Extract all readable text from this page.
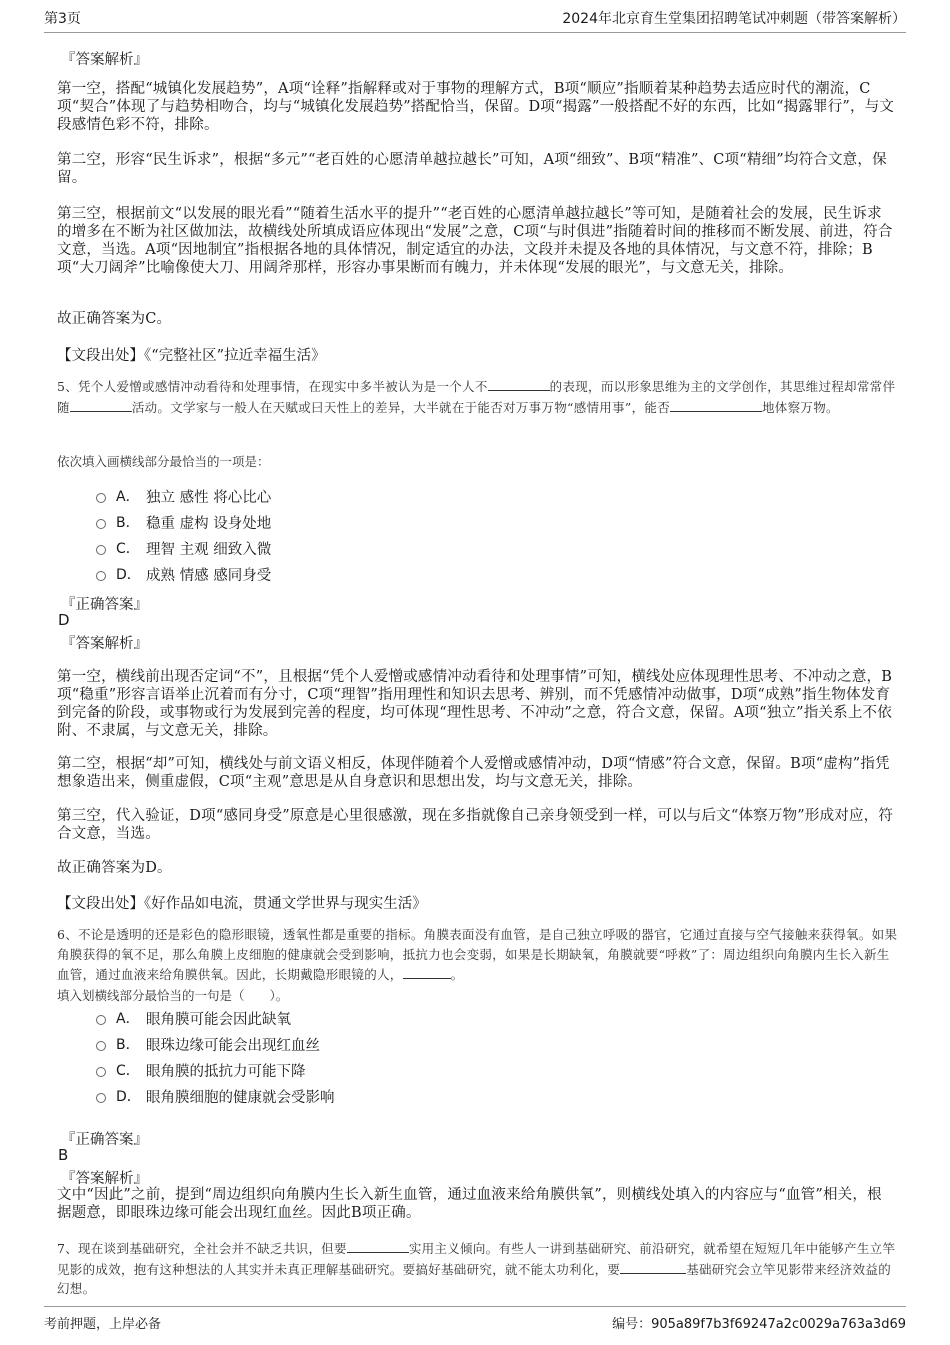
第3页	2024年北京育生堂集团招聘笔试冲刺题（带答案解析）
『答案解析』
第一空，搭配“城镇化发展趋势”，A项“诠释”指解释或对于事物的理解方式，B项“顺应”指顺着某种趋势去适应时代的潮流，C项“契合”体现了与趋势相吻合，均与“城镇化发展趋势”搭配恰当，保留。D项“揭露”一般搭配不好的东西，比如“揭露罪行”，与文段感情色彩不符，排除。
第二空，形容“民生诉求”，根据“多元”“老百姓的心愿清单越拉越长”可知，A项“细致”、B项“精准”、C项“精细”均符合文意，保留。
第三空，根据前文“以发展的眼光看”“随着生活水平的提升”“老百姓的心愿清单越拉越长”等可知，是随着社会的发展，民生诉求的增多在不断为社区做加法，故横线处所填成语应体现出“发展”之意，C项“与时俱进”指随着时间的推移而不断发展、前进，符合文意，当选。A项“因地制宜”指根据各地的具体情况，制定适宜的办法，文段并未提及各地的具体情况，与文意不符，排除；B项“大刀阔斧”比喻像使大刀、用阔斧那样，形容办事果断而有魄力，并未体现“发展的眼光”，与文意无关，排除。
故正确答案为C。
【文段出处】《“完整社区”拉近幸福生活》
5、凭个人爱憎或感情冲动看待和处理事情，在现实中多半被认为是一个人不	的表现，而以形象思维为主的文学创作，其思维过程却常常伴随	活动。文学家与一般人在天赋或曰天性上的差异，大半就在于能否对万事万物“感情用事”，能否	地体察万物。
依次填入画横线部分最恰当的一项是：
A． 独立 感性 将心比心
B． 稳重 虚构 设身处地
C． 理智 主观 细致入微
D． 成熟 情感 感同身受
『正确答案』
D
『答案解析』
第一空，横线前出现否定词“不”，且根据“凭个人爱憎或感情冲动看待和处理事情”可知，横线处应体现理性思考、不冲动之意，B项“稳重”形容言语举止沉着而有分寸，C项“理智”指用理性和知识去思考、辨别，而不凭感情冲动做事，D项“成熟”指生物体发育到完备的阶段，或事物或行为发展到完善的程度，均可体现“理性思考、不冲动”之意，符合文意，保留。A项“独立”指关系上不依附、不隶属，与文意无关，排除。
第二空，根据“却”可知，横线处与前文语义相反，体现伴随着个人爱憎或感情冲动，D项“情感”符合文意，保留。B项“虚构”指凭想象造出来，侧重虚假，C项“主观”意思是从自身意识和思想出发，均与文意无关，排除。
第三空，代入验证，D项“感同身受”原意是心里很感激，现在多指就像自己亲身领受到一样，可以与后文“体察万物”形成对应，符合文意，当选。
故正确答案为D。
【文段出处】《好作品如电流，贯通文学世界与现实生活》
6、不论是透明的还是彩色的隐形眼镜，透氧性都是重要的指标。角膜表面没有血管，是自己独立呼吸的器官，它通过直接与空气接触来获得氧。如果角膜获得的氧不足，那么角膜上皮细胞的健康就会受到影响，抵抗力也会变弱，如果是长期缺氧，角膜就要“呼救”了：周边组织向角膜内生长入新生血管，通过血液来给角膜供氧。因此，长期戴隐形眼镜的人，	。
填入划横线部分最恰当的一句是（　　）。
A． 眼角膜可能会因此缺氧
B． 眼珠边缘可能会出现红血丝
C． 眼角膜的抵抗力可能下降
D． 眼角膜细胞的健康就会受影响
『正确答案』
B
『答案解析』
文中“因此”之前，提到“周边组织向角膜内生长入新生血管，通过血液来给角膜供氧”，则横线处填入的内容应与“血管”相关，根据题意，即眼珠边缘可能会出现红血丝。因此B项正确。
7、现在谈到基础研究，全社会并不缺乏共识，但要	实用主义倾向。有些人一讲到基础研究、前沿研究，就希望在短短几年中能够产生立竿见影的成效，抱有这种想法的人其实并未真正理解基础研究。要搞好基础研究，就不能太功利化，要	基础研究会立竿见影带来经济效益的幻想。
考前押题，上岸必备	编号：905a89f7b3f69247a2c0029a763a3d69
